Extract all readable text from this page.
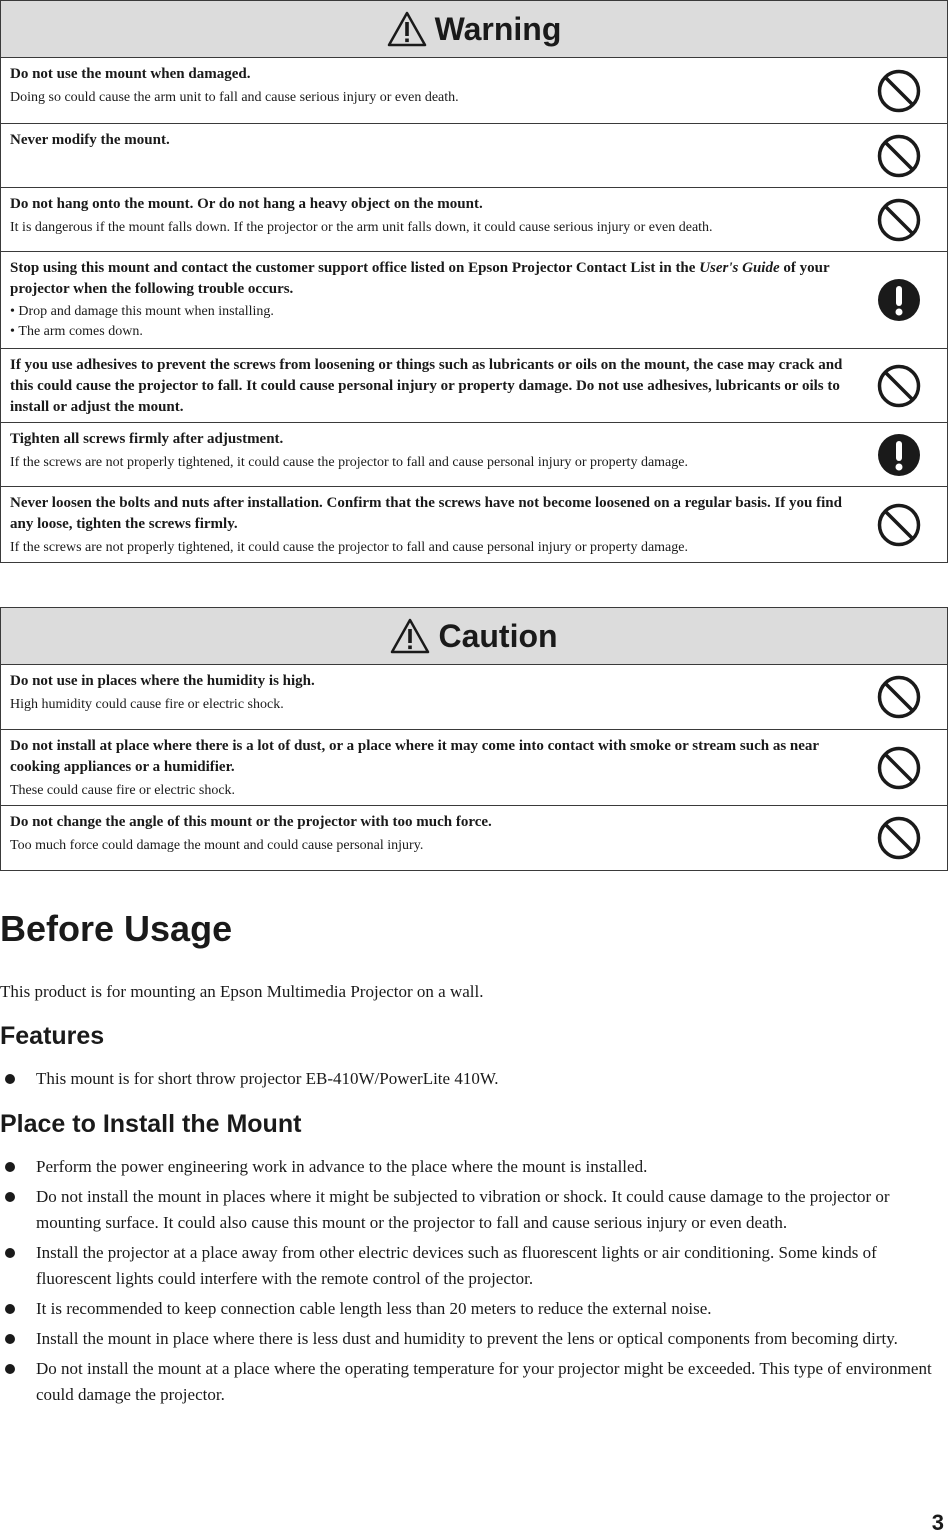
Warning
Do not use the mount when damaged.
Doing so could cause the arm unit to fall and cause serious injury or even death.
Never modify the mount.
Do not hang onto the mount. Or do not hang a heavy object on the mount.
It is dangerous if the mount falls down. If the projector or the arm unit falls down, it could cause serious injury or even death.
Stop using this mount and contact the customer support office listed on Epson Projector Contact List in the User's Guide of your projector when the following trouble occurs.
• Drop and damage this mount when installing.
• The arm comes down.
If you use adhesives to prevent the screws from loosening or things such as lubricants or oils on the mount, the case may crack and this could cause the projector to fall. It could cause personal injury or property damage. Do not use adhesives, lubricants or oils to install or adjust the mount.
Tighten all screws firmly after adjustment.
If the screws are not properly tightened, it could cause the projector to fall and cause personal injury or property damage.
Never loosen the bolts and nuts after installation. Confirm that the screws have not become loosened on a regular basis. If you find any loose, tighten the screws firmly.
If the screws are not properly tightened, it could cause the projector to fall and cause personal injury or property damage.
Caution
Do not use in places where the humidity is high.
High humidity could cause fire or electric shock.
Do not install at place where there is a lot of dust, or a place where it may come into contact with smoke or stream such as near cooking appliances or a humidifier.
These could cause fire or electric shock.
Do not change the angle of this mount or the projector with too much force.
Too much force could damage the mount and could cause personal injury.
Before Usage
This product is for mounting an Epson Multimedia Projector on a wall.
Features
This mount is for short throw projector EB-410W/PowerLite 410W.
Place to Install the Mount
Perform the power engineering work in advance to the place where the mount is installed.
Do not install the mount in places where it might be subjected to vibration or shock. It could cause damage to the projector or mounting surface. It could also cause this mount or the projector to fall and cause serious injury or even death.
Install the projector at a place away from other electric devices such as fluorescent lights or air conditioning. Some kinds of fluorescent lights could interfere with the remote control of the projector.
It is recommended to keep connection cable length less than 20 meters to reduce the external noise.
Install the mount in place where there is less dust and humidity to prevent the lens or optical components from becoming dirty.
Do not install the mount at a place where the operating temperature for your projector might be exceeded. This type of environment could damage the projector.
3
